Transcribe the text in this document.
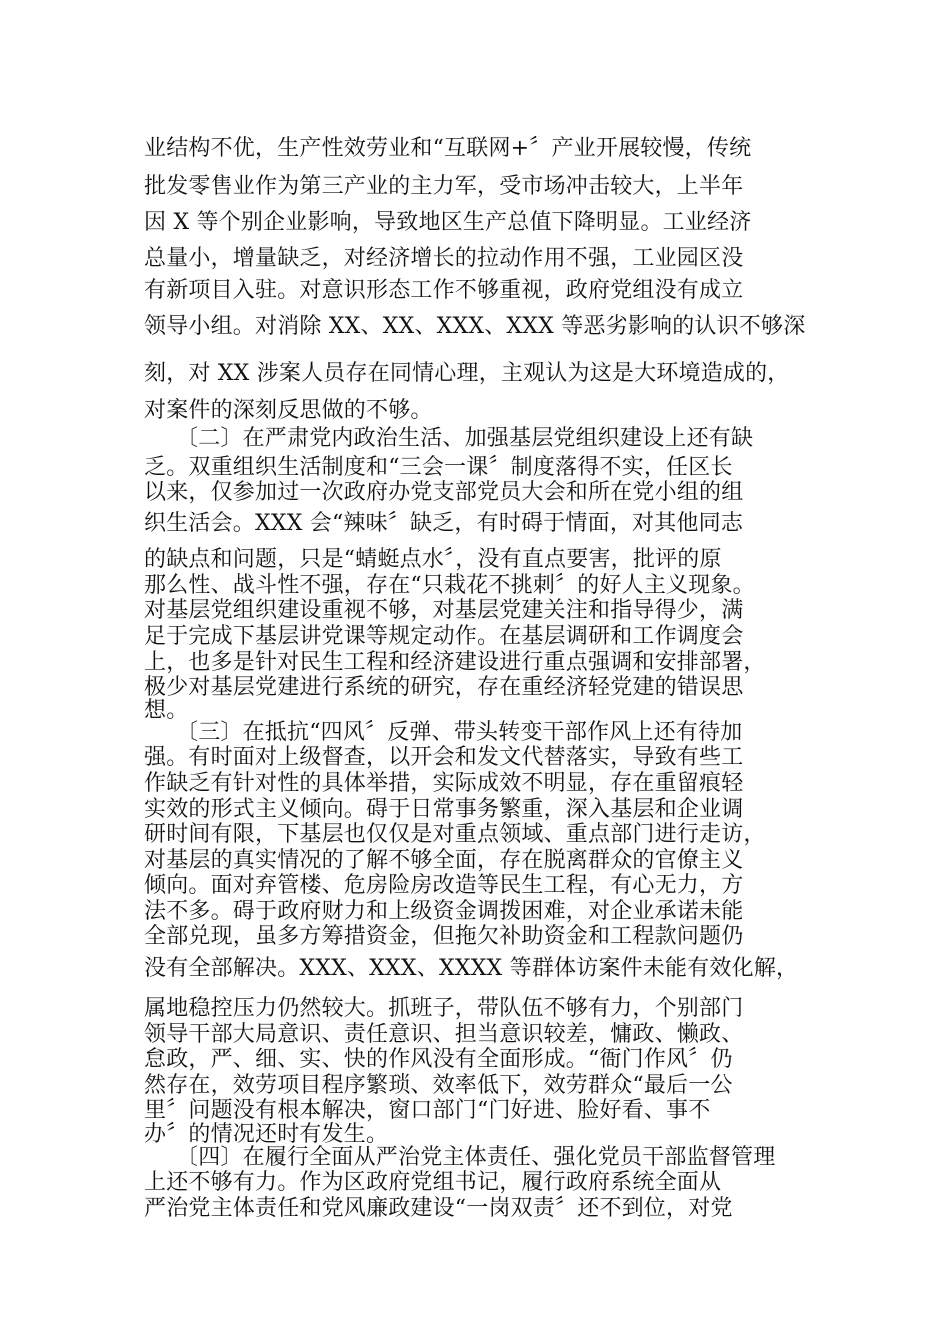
业结构不优，生产性效劳业和“互联网+〞产业开展较慢，传统
批发零售业作为第三产业的主力军，受市场冲击较大，上半年
因 X 等个别企业影响，导致地区生产总值下降明显。工业经济
总量小，增量缺乏，对经济增长的拉动作用不强，工业园区没
有新项目入驻。对意识形态工作不够重视，政府党组没有成立
领导小组。对消除 XX、XX、XXX、XXX 等恶劣影响的认识不够深
刻，对 XX 涉案人员存在同情心理，主观认为这是大环境造成的，
对案件的深刻反思做的不够。
〔二〕在严肃党内政治生活、加强基层党组织建设上还有缺
乏。双重组织生活制度和“三会一课〞制度落得不实，任区长
以来，仅参加过一次政府办党支部党员大会和所在党小组的组
织生活会。XXX 会“辣味〞缺乏，有时碍于情面，对其他同志
的缺点和问题，只是“蜻蜓点水〞，没有直点要害，批评的原
那么性、战斗性不强，存在“只栽花不挑刺〞的好人主义现象。
对基层党组织建设重视不够，对基层党建关注和指导得少，满
足于完成下基层讲党课等规定动作。在基层调研和工作调度会
上，也多是针对民生工程和经济建设进行重点强调和安排部署，
极少对基层党建进行系统的研究，存在重经济轻党建的错误思
想。
〔三〕在抵抗“四风〞反弹、带头转变干部作风上还有待加
强。有时面对上级督查，以开会和发文代替落实，导致有些工
作缺乏有针对性的具体举措，实际成效不明显，存在重留痕轻
实效的形式主义倾向。碍于日常事务繁重，深入基层和企业调
研时间有限，下基层也仅仅是对重点领域、重点部门进行走访，
对基层的真实情况的了解不够全面，存在脱离群众的官僚主义
倾向。面对弃管楼、危房险房改造等民生工程，有心无力，方
法不多。碍于政府财力和上级资金调拨困难，对企业承诺未能
全部兑现，虽多方筹措资金，但拖欠补助资金和工程款问题仍
没有全部解决。XXX、XXX、XXXX 等群体访案件未能有效化解，
属地稳控压力仍然较大。抓班子，带队伍不够有力，个别部门
领导干部大局意识、责任意识、担当意识较差，慵政、懒政、
怠政，严、细、实、快的作风没有全面形成。“衙门作风〞仍
然存在，效劳项目程序繁琐、效率低下，效劳群众“最后一公
里〞问题没有根本解决，窗口部门“门好进、脸好看、事不
办〞的情况还时有发生。
〔四〕在履行全面从严治党主体责任、强化党员干部监督管理
上还不够有力。作为区政府党组书记，履行政府系统全面从
严治党主体责任和党风廉政建设“一岗双责〞还不到位，对党
